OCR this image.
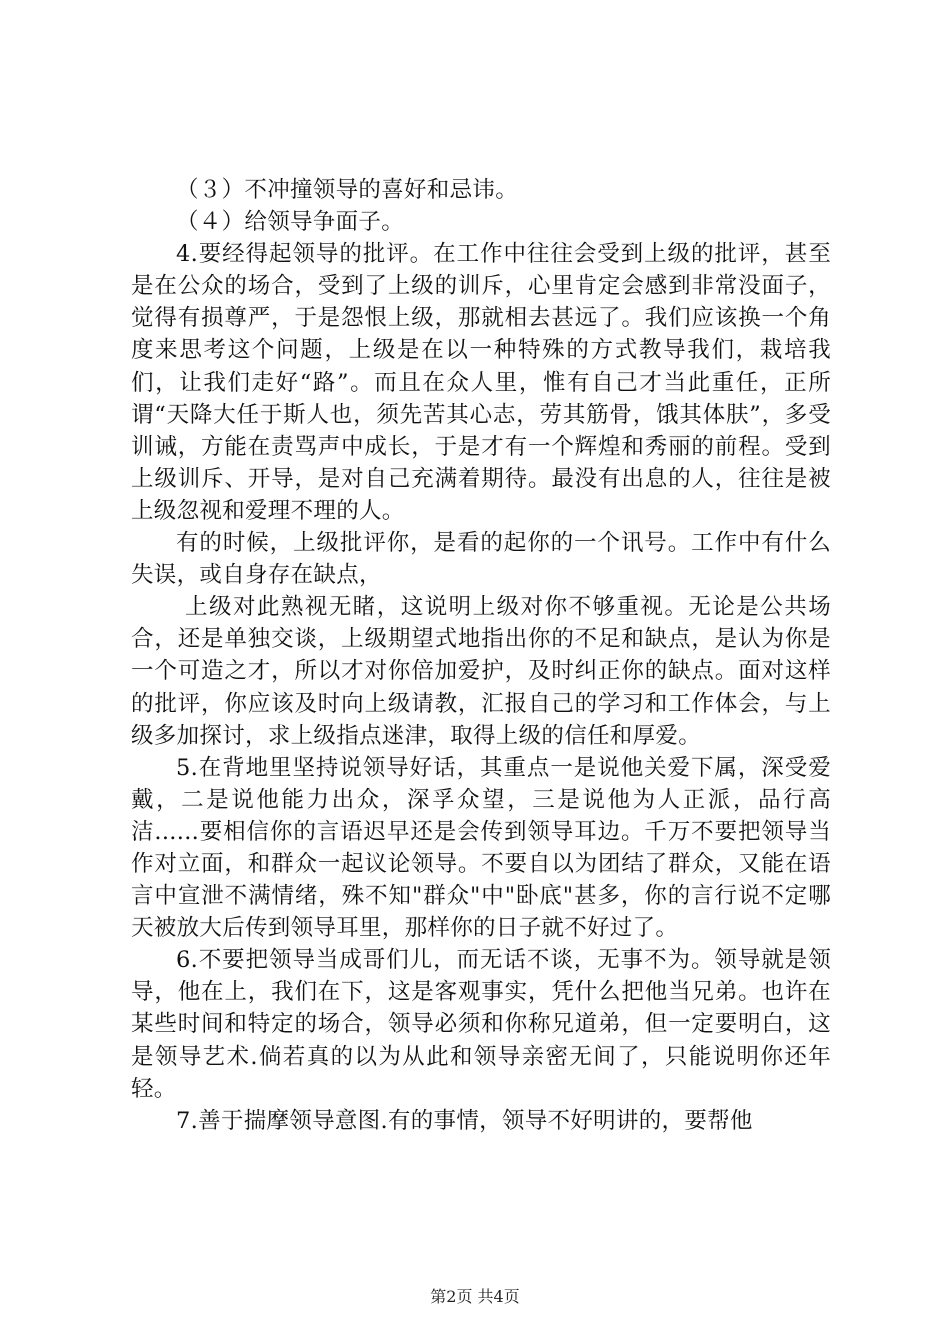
（３）不冲撞领导的喜好和忌讳。

（４）给领导争面子。

4.要经得起领导的批评。在工作中往往会受到上级的批评，甚至是在公众的场合，受到了上级的训斥，心里肯定会感到非常没面子，觉得有损尊严，于是怨恨上级，那就相去甚远了。我们应该换一个角度来思考这个问题，上级是在以一种特殊的方式教导我们，栽培我们，让我们走好“路”。而且在众人里，惟有自己才当此重任，正所谓“天降大任于斯人也，须先苦其心志，劳其筋骨，饿其体肤”，多受训诫，方能在责骂声中成长，于是才有一个辉煌和秀丽的前程。受到上级训斥、开导，是对自己充满着期待。最没有出息的人，往往是被上级忽视和爱理不理的人。

有的时候，上级批评你，是看的起你的一个讯号。工作中有什么失误，或自身存在缺点，

上级对此熟视无睹，这说明上级对你不够重视。无论是公共场合，还是单独交谈，上级期望式地指出你的不足和缺点，是认为你是一个可造之才，所以才对你倍加爱护，及时纠正你的缺点。面对这样的批评，你应该及时向上级请教，汇报自己的学习和工作体会，与上级多加探讨，求上级指点迷津，取得上级的信任和厚爱。

5.在背地里坚持说领导好话，其重点一是说他关爱下属，深受爱戴，二是说他能力出众，深孚众望，三是说他为人正派，品行高洁......要相信你的言语迟早还是会传到领导耳边。千万不要把领导当作对立面，和群众一起议论领导。不要自以为团结了群众，又能在语言中宣泄不满情绪，殊不知"群众"中"卧底"甚多，你的言行说不定哪天被放大后传到领导耳里，那样你的日子就不好过了。

6.不要把领导当成哥们儿，而无话不谈，无事不为。领导就是领导，他在上，我们在下，这是客观事实，凭什么把他当兄弟。也许在某些时间和特定的场合，领导必须和你称兄道弟，但一定要明白，这是领导艺术.倘若真的以为从此和领导亲密无间了，只能说明你还年轻。

7.善于揣摩领导意图.有的事情，领导不好明讲的，要帮他

第2页 共4页
